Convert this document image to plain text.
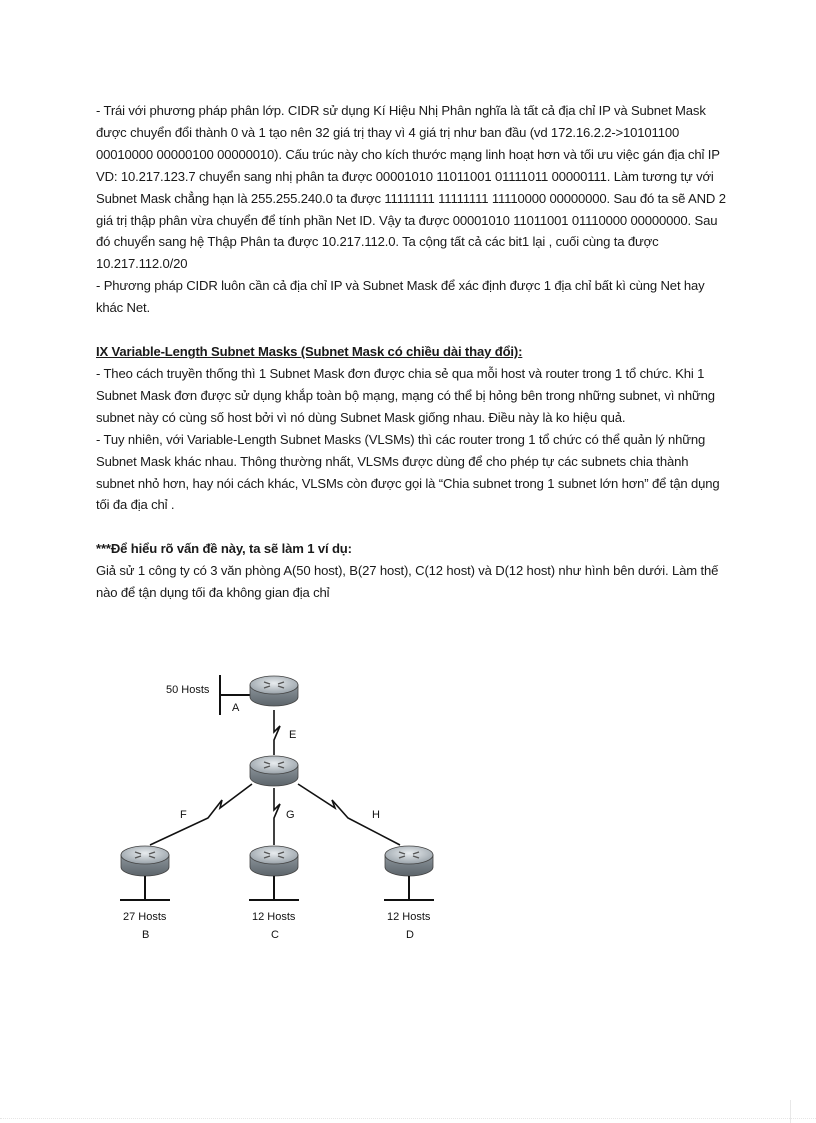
- Trái với phương pháp phân lớp. CIDR sử dụng Kí Hiệu Nhị Phân nghĩa là tất cả địa chỉ IP và Subnet Mask được chuyển đổi thành 0 và 1 tạo nên 32 giá trị thay vì 4 giá trị như ban đầu (vd 172.16.2.2->10101100 00010000 00000100 00000010). Cấu trúc này cho kích thước mạng linh hoạt hơn và tối ưu việc gán địa chỉ IP

VD: 10.217.123.7 chuyển sang nhị phân ta được 00001010 11011001 01111011 00000111. Làm tương tự với Subnet Mask chẳng hạn là 255.255.240.0 ta được 11111111 11111111 11110000 00000000. Sau đó ta sẽ AND 2 giá trị thập phân vừa chuyển để tính phần Net ID. Vậy ta được 00001010 11011001 01110000 00000000. Sau đó chuyển sang hệ Thập Phân ta được 10.217.112.0. Ta cộng tất cả các bit1 lại , cuối cùng ta được 10.217.112.0/20

- Phương pháp CIDR luôn cần cả địa chỉ IP và Subnet Mask để xác định được 1 địa chỉ bất kì cùng Net hay khác Net.

IX Variable-Length Subnet Masks (Subnet Mask có chiều dài thay đổi):

- Theo cách truyền thống thì 1 Subnet Mask đơn được chia sẻ qua mỗi host và router trong 1 tổ chức. Khi 1 Subnet Mask đơn được sử dụng khắp toàn bộ mạng, mạng có thể bị hỏng bên trong những subnet, vì những subnet này có cùng số host bởi vì nó dùng Subnet Mask giống nhau. Điều này là ko hiệu quả.

- Tuy nhiên, với Variable-Length Subnet Masks (VLSMs) thì các router trong 1 tổ chức có thể quản lý những Subnet Mask khác nhau. Thông thường nhất, VLSMs được dùng để cho phép tự các subnets chia thành subnet nhỏ hơn, hay nói cách khác, VLSMs còn được gọi là “Chia subnet trong 1 subnet lớn hơn” để tận dụng tối đa địa chỉ .

***Để hiểu rõ vấn đề này, ta sẽ làm 1 ví dụ:

Giả sử 1 công ty có 3 văn phòng A(50 host), B(27 host), C(12 host) và D(12 host) như hình bên dưới. Làm thế nào để tận dụng tối đa không gian địa chỉ

50 Hosts
A
E
F	G	H
27 Hosts
B
12 Hosts
C
12 Hosts
D
